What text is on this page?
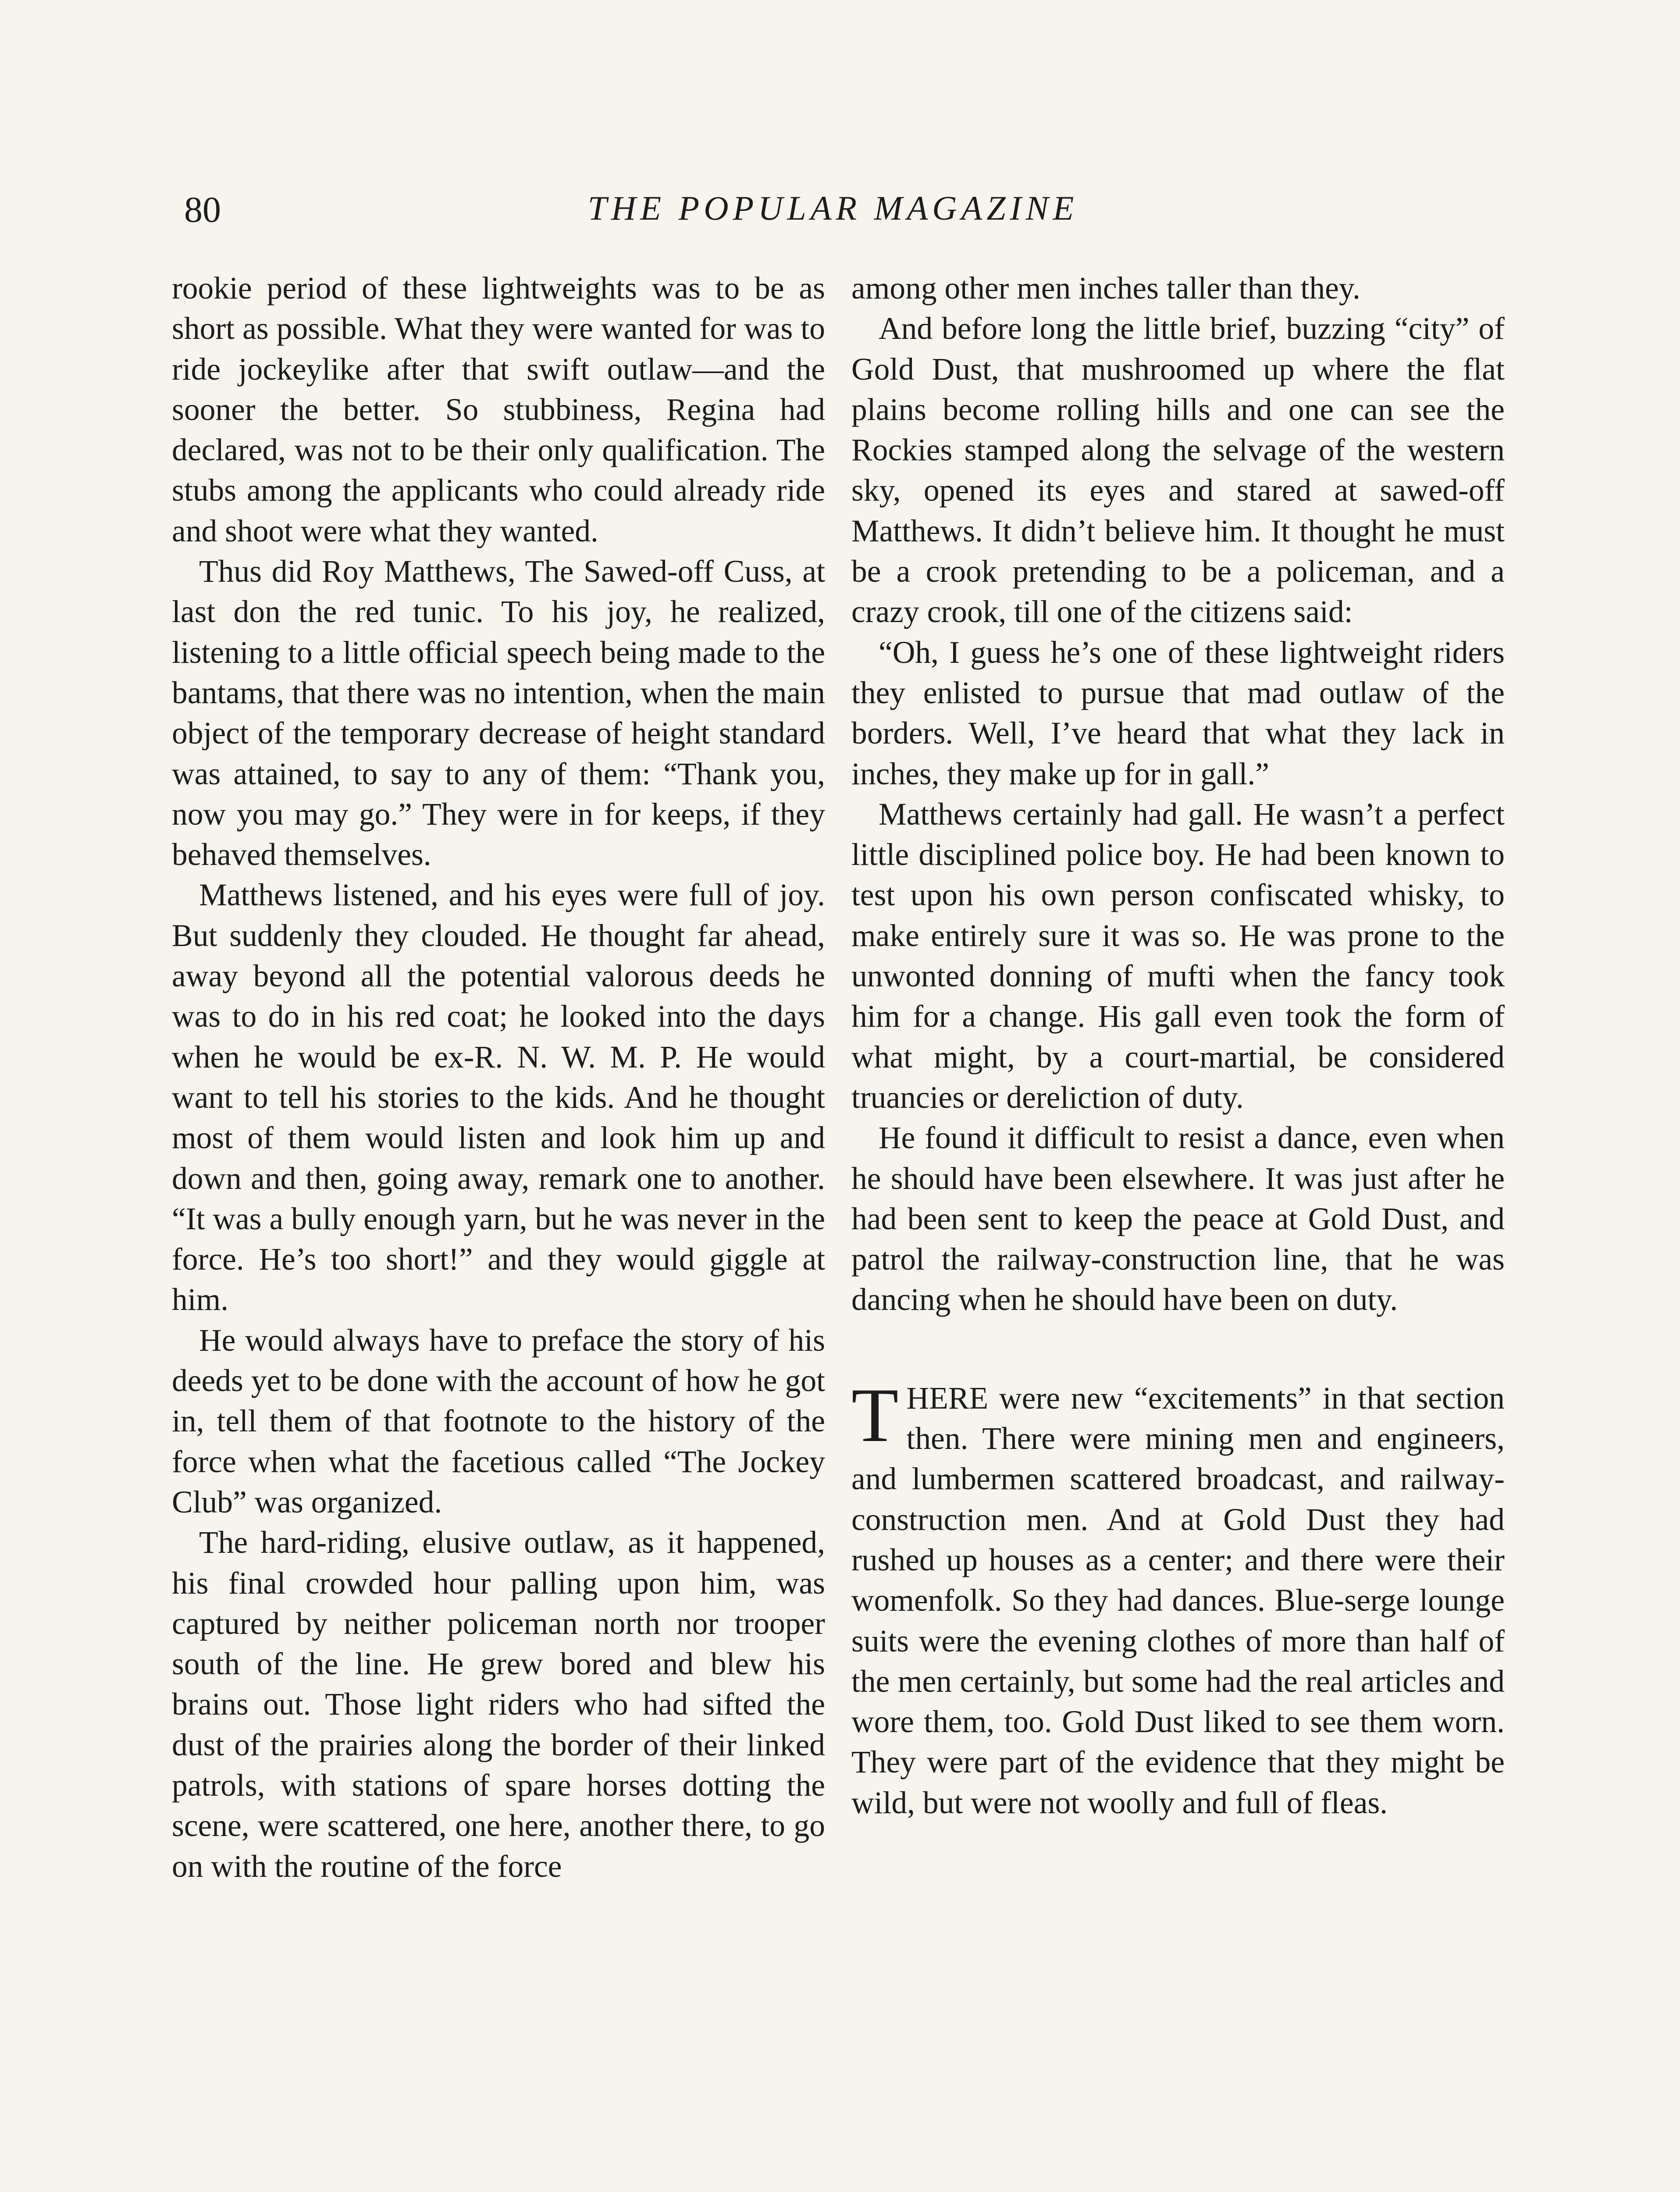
80	THE POPULAR MAGAZINE

rookie period of these lightweights was to be as short as possible. What they were wanted for was to ride jockeylike after that swift outlaw—and the sooner the better. So stubbiness, Regina had declared, was not to be their only qualification. The stubs among the applicants who could already ride and shoot were what they wanted.

Thus did Roy Matthews, The Sawed-off Cuss, at last don the red tunic. To his joy, he realized, listening to a little official speech being made to the bantams, that there was no intention, when the main object of the temporary decrease of height standard was attained, to say to any of them: “Thank you, now you may go.” They were in for keeps, if they behaved themselves.

Matthews listened, and his eyes were full of joy. But suddenly they clouded. He thought far ahead, away beyond all the potential valorous deeds he was to do in his red coat; he looked into the days when he would be ex-R. N. W. M. P. He would want to tell his stories to the kids. And he thought most of them would listen and look him up and down and then, going away, remark one to another. “It was a bully enough yarn, but he was never in the force. He’s too short!” and they would giggle at him.

He would always have to preface the story of his deeds yet to be done with the account of how he got in, tell them of that footnote to the history of the force when what the facetious called “The Jockey Club” was organized.

The hard-riding, elusive outlaw, as it happened, his final crowded hour palling upon him, was captured by neither policeman north nor trooper south of the line. He grew bored and blew his brains out. Those light riders who had sifted the dust of the prairies along the border of their linked patrols, with stations of spare horses dotting the scene, were scattered, one here, another there, to go on with the routine of the force

among other men inches taller than they.

And before long the little brief, buzzing “city” of Gold Dust, that mushroomed up where the flat plains become rolling hills and one can see the Rockies stamped along the selvage of the western sky, opened its eyes and stared at sawed-off Matthews. It didn’t believe him. It thought he must be a crook pretending to be a policeman, and a crazy crook, till one of the citizens said:

“Oh, I guess he’s one of these lightweight riders they enlisted to pursue that mad outlaw of the borders. Well, I’ve heard that what they lack in inches, they make up for in gall.”

Matthews certainly had gall. He wasn’t a perfect little disciplined police boy. He had been known to test upon his own person confiscated whisky, to make entirely sure it was so. He was prone to the unwonted donning of mufti when the fancy took him for a change. His gall even took the form of what might, by a court-martial, be considered truancies or dereliction of duty.

He found it difficult to resist a dance, even when he should have been elsewhere. It was just after he had been sent to keep the peace at Gold Dust, and patrol the railway-construction line, that he was dancing when he should have been on duty.

THERE were new “excitements” in that section then. There were mining men and engineers, and lumbermen scattered broadcast, and railway-construction men. And at Gold Dust they had rushed up houses as a center; and there were their womenfolk. So they had dances. Blue-serge lounge suits were the evening clothes of more than half of the men certainly, but some had the real articles and wore them, too. Gold Dust liked to see them worn. They were part of the evidence that they might be wild, but were not woolly and full of fleas.
